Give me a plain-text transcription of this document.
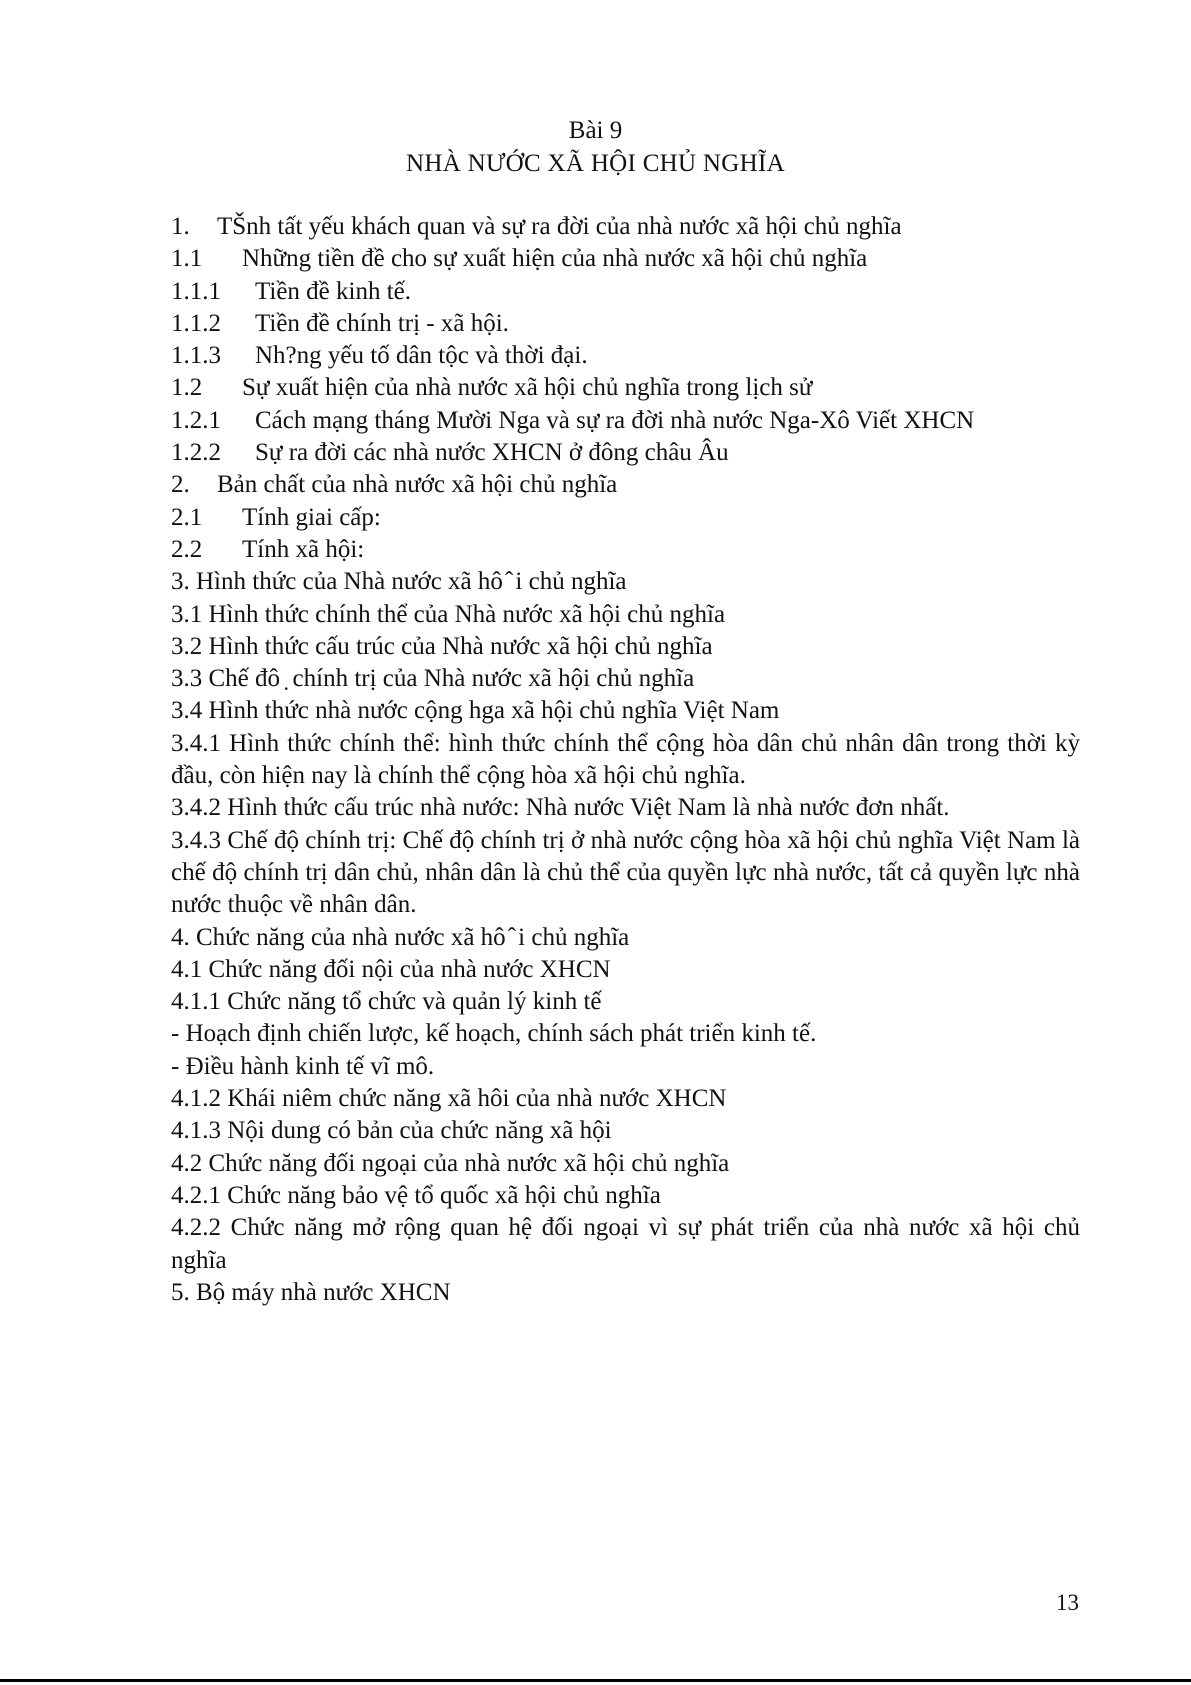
Bài 9
NHÀ NƯỚC XÃ HỘI CHỦ NGHĨA
1. TŠnh tất yếu khách quan và sự ra đời của nhà nước xã hội chủ nghĩa
1.1 Những tiền đề cho sự xuất hiện của nhà nước xã hội chủ nghĩa
1.1.1 Tiền đề kinh tế.
1.1.2 Tiền đề chính trị - xã hội.
1.1.3 Nh?ng yếu tố dân tộc và thời đại.
1.2 Sự xuất hiện của nhà nước xã hội chủ nghĩa trong lịch sử
1.2.1 Cách mạng tháng Mười Nga và sự ra đời nhà nước Nga-Xô Viết XHCN
1.2.2 Sự ra đời các nhà nước XHCN ở đông châu Âu
2. Bản chất của nhà nước xã hội chủ nghĩa
2.1 Tính giai cấp:
2.2 Tính xã hội:
3. Hình thức của Nhà nước xã hô ̂ i chủ nghĩa
3.1 Hình thức chính thể của Nhà nước xã hội chủ nghĩa
3.2 Hình thức cấu trúc của Nhà nước xã hội chủ nghĩa
3.3 Chế đô ̣ chính trị của Nhà nước xã hội chủ nghĩa
3.4 Hình thức nhà nước cộng hga xã hội chủ nghĩa Việt Nam
3.4.1 Hình thức chính thể: hình thức chính thể cộng hòa dân chủ nhân dân trong thời kỳ đầu, còn hiện nay là chính thể cộng hòa xã hội chủ nghĩa.
3.4.2 Hình thức cấu trúc nhà nước: Nhà nước Việt Nam là nhà nước đơn nhất.
3.4.3 Chế độ chính trị: Chế độ chính trị ở nhà nước cộng hòa xã hội chủ nghĩa Việt Nam là chế độ chính trị dân chủ, nhân dân là chủ thể của quyền lực nhà nước, tất cả quyền lực nhà nước thuộc về nhân dân.
4. Chức năng của nhà nước xã hô ̂ i chủ nghĩa
4.1 Chức năng đối nội của nhà nước XHCN
4.1.1 Chức năng tổ chức và quản lý kinh tế
- Hoạch định chiến lược, kế hoạch, chính sách phát triển kinh tế.
- Điều hành kinh tế vĩ mô.
4.1.2 Khái niêm chức năng xã hôi của nhà nước XHCN
4.1.3 Nội dung có bản của chức năng xã hội
4.2 Chức năng đối ngoại của nhà nước xã hội chủ nghĩa
4.2.1 Chức năng bảo vệ tổ quốc xã hội chủ nghĩa
4.2.2 Chức năng mở rộng quan hệ đối ngoại vì sự phát triển của nhà nước xã hội chủ nghĩa
5. Bộ máy nhà nước XHCN
13
